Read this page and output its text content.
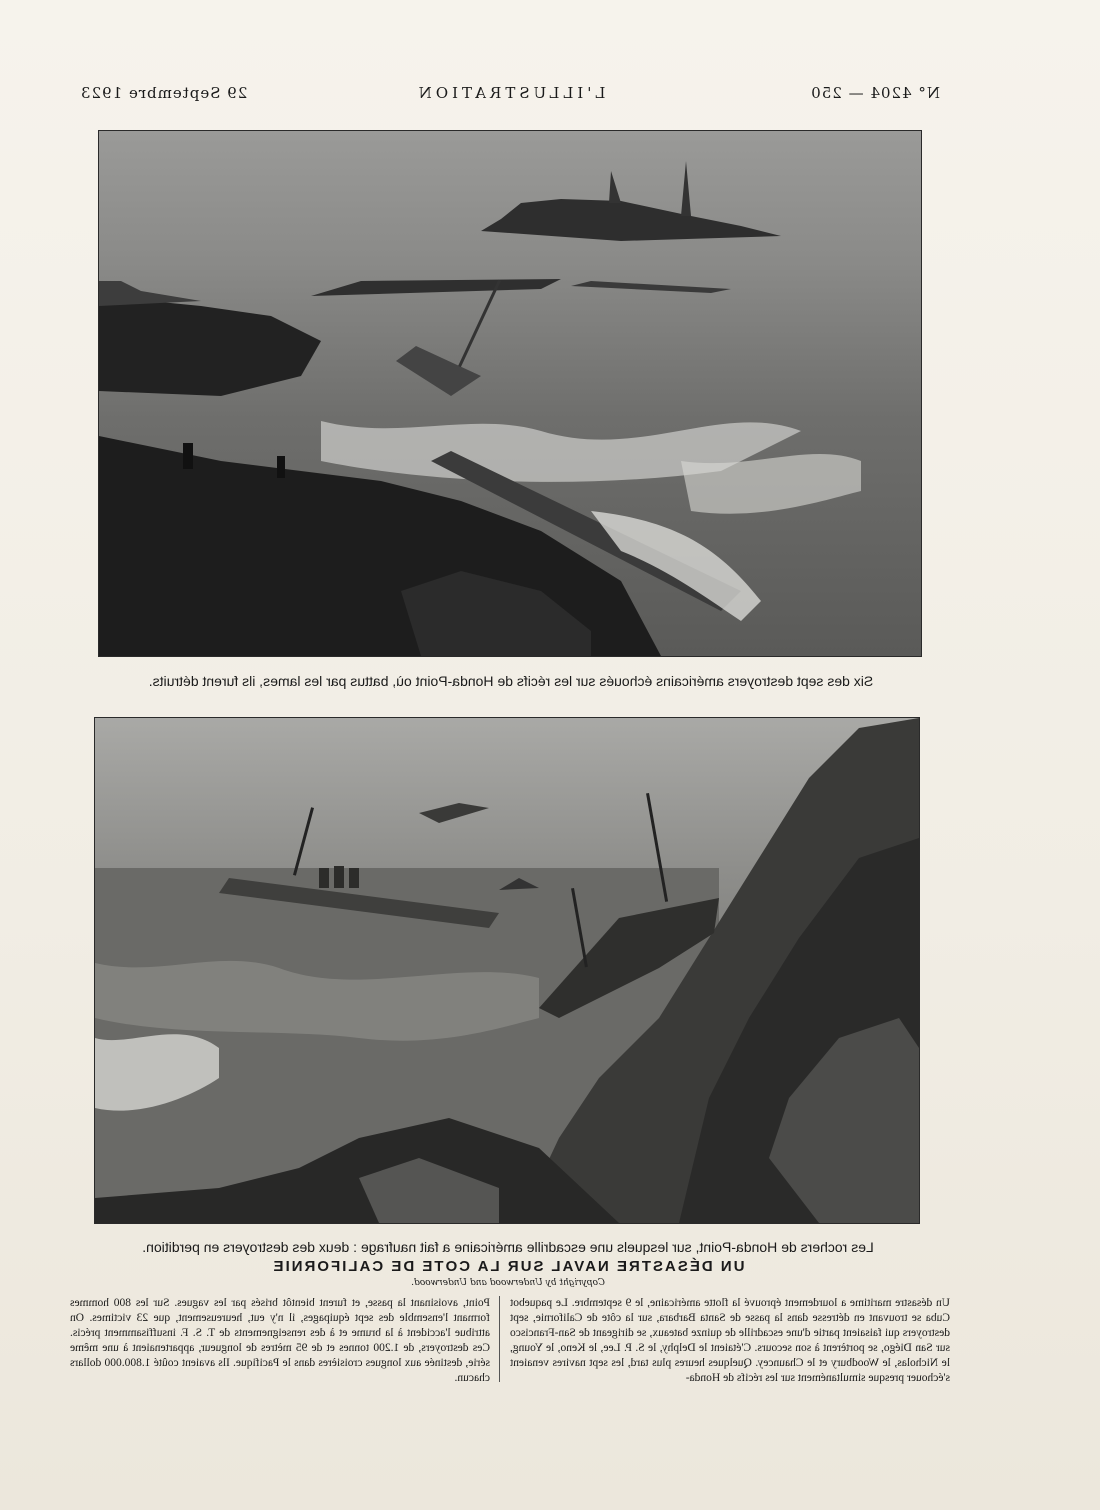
N° 4204 — 250
L'ILLUSTRATION
29 Septembre 1923
Six des sept destroyers américains échoués sur les récifs de Honda-Point où, battus par les lames, ils furent détruits.
Les rochers de Honda-Point, sur lesquels une escadrille américaine a fait naufrage : deux des destroyers en perdition.
UN DÉSASTRE NAVAL SUR LA COTE DE CALIFORNIE
Copyright by Underwood and Underwood.

Un désastre maritime a lourdement éprouvé la flotte américaine, le 9 septembre. Le paquebot Cuba se trouvant en détresse dans la passe de Santa Barbara, sur la côte de Californie, sept destroyers qui faisaient partie d'une escadrille de quinze bateaux, se dirigeant de San-Francisco sur San Diégo, se portèrent à son secours. C'étaient le Delphy, le S. P. Lee, le Keno, le Young, le Nicholas, le Woodbury et le Chauncey. Quelques heures plus tard, les sept navires venaient s'échouer presque simultanément sur les récifs de Honda-

Point, avoisinant la passe, et furent bientôt brisés par les vagues. Sur les 800 hommes formant l'ensemble des sept équipages, il n'y eut, heureusement, que 23 victimes. On attribue l'accident à la brume et à des renseignements de T. S. F. insuffisamment précis. Ces destroyers, de 1.200 tonnes et de 95 mètres de longueur, appartenaient à une même série, destinée aux longues croisières dans le Pacifique. Ils avaient coûté 1.800.000 dollars chacun.
